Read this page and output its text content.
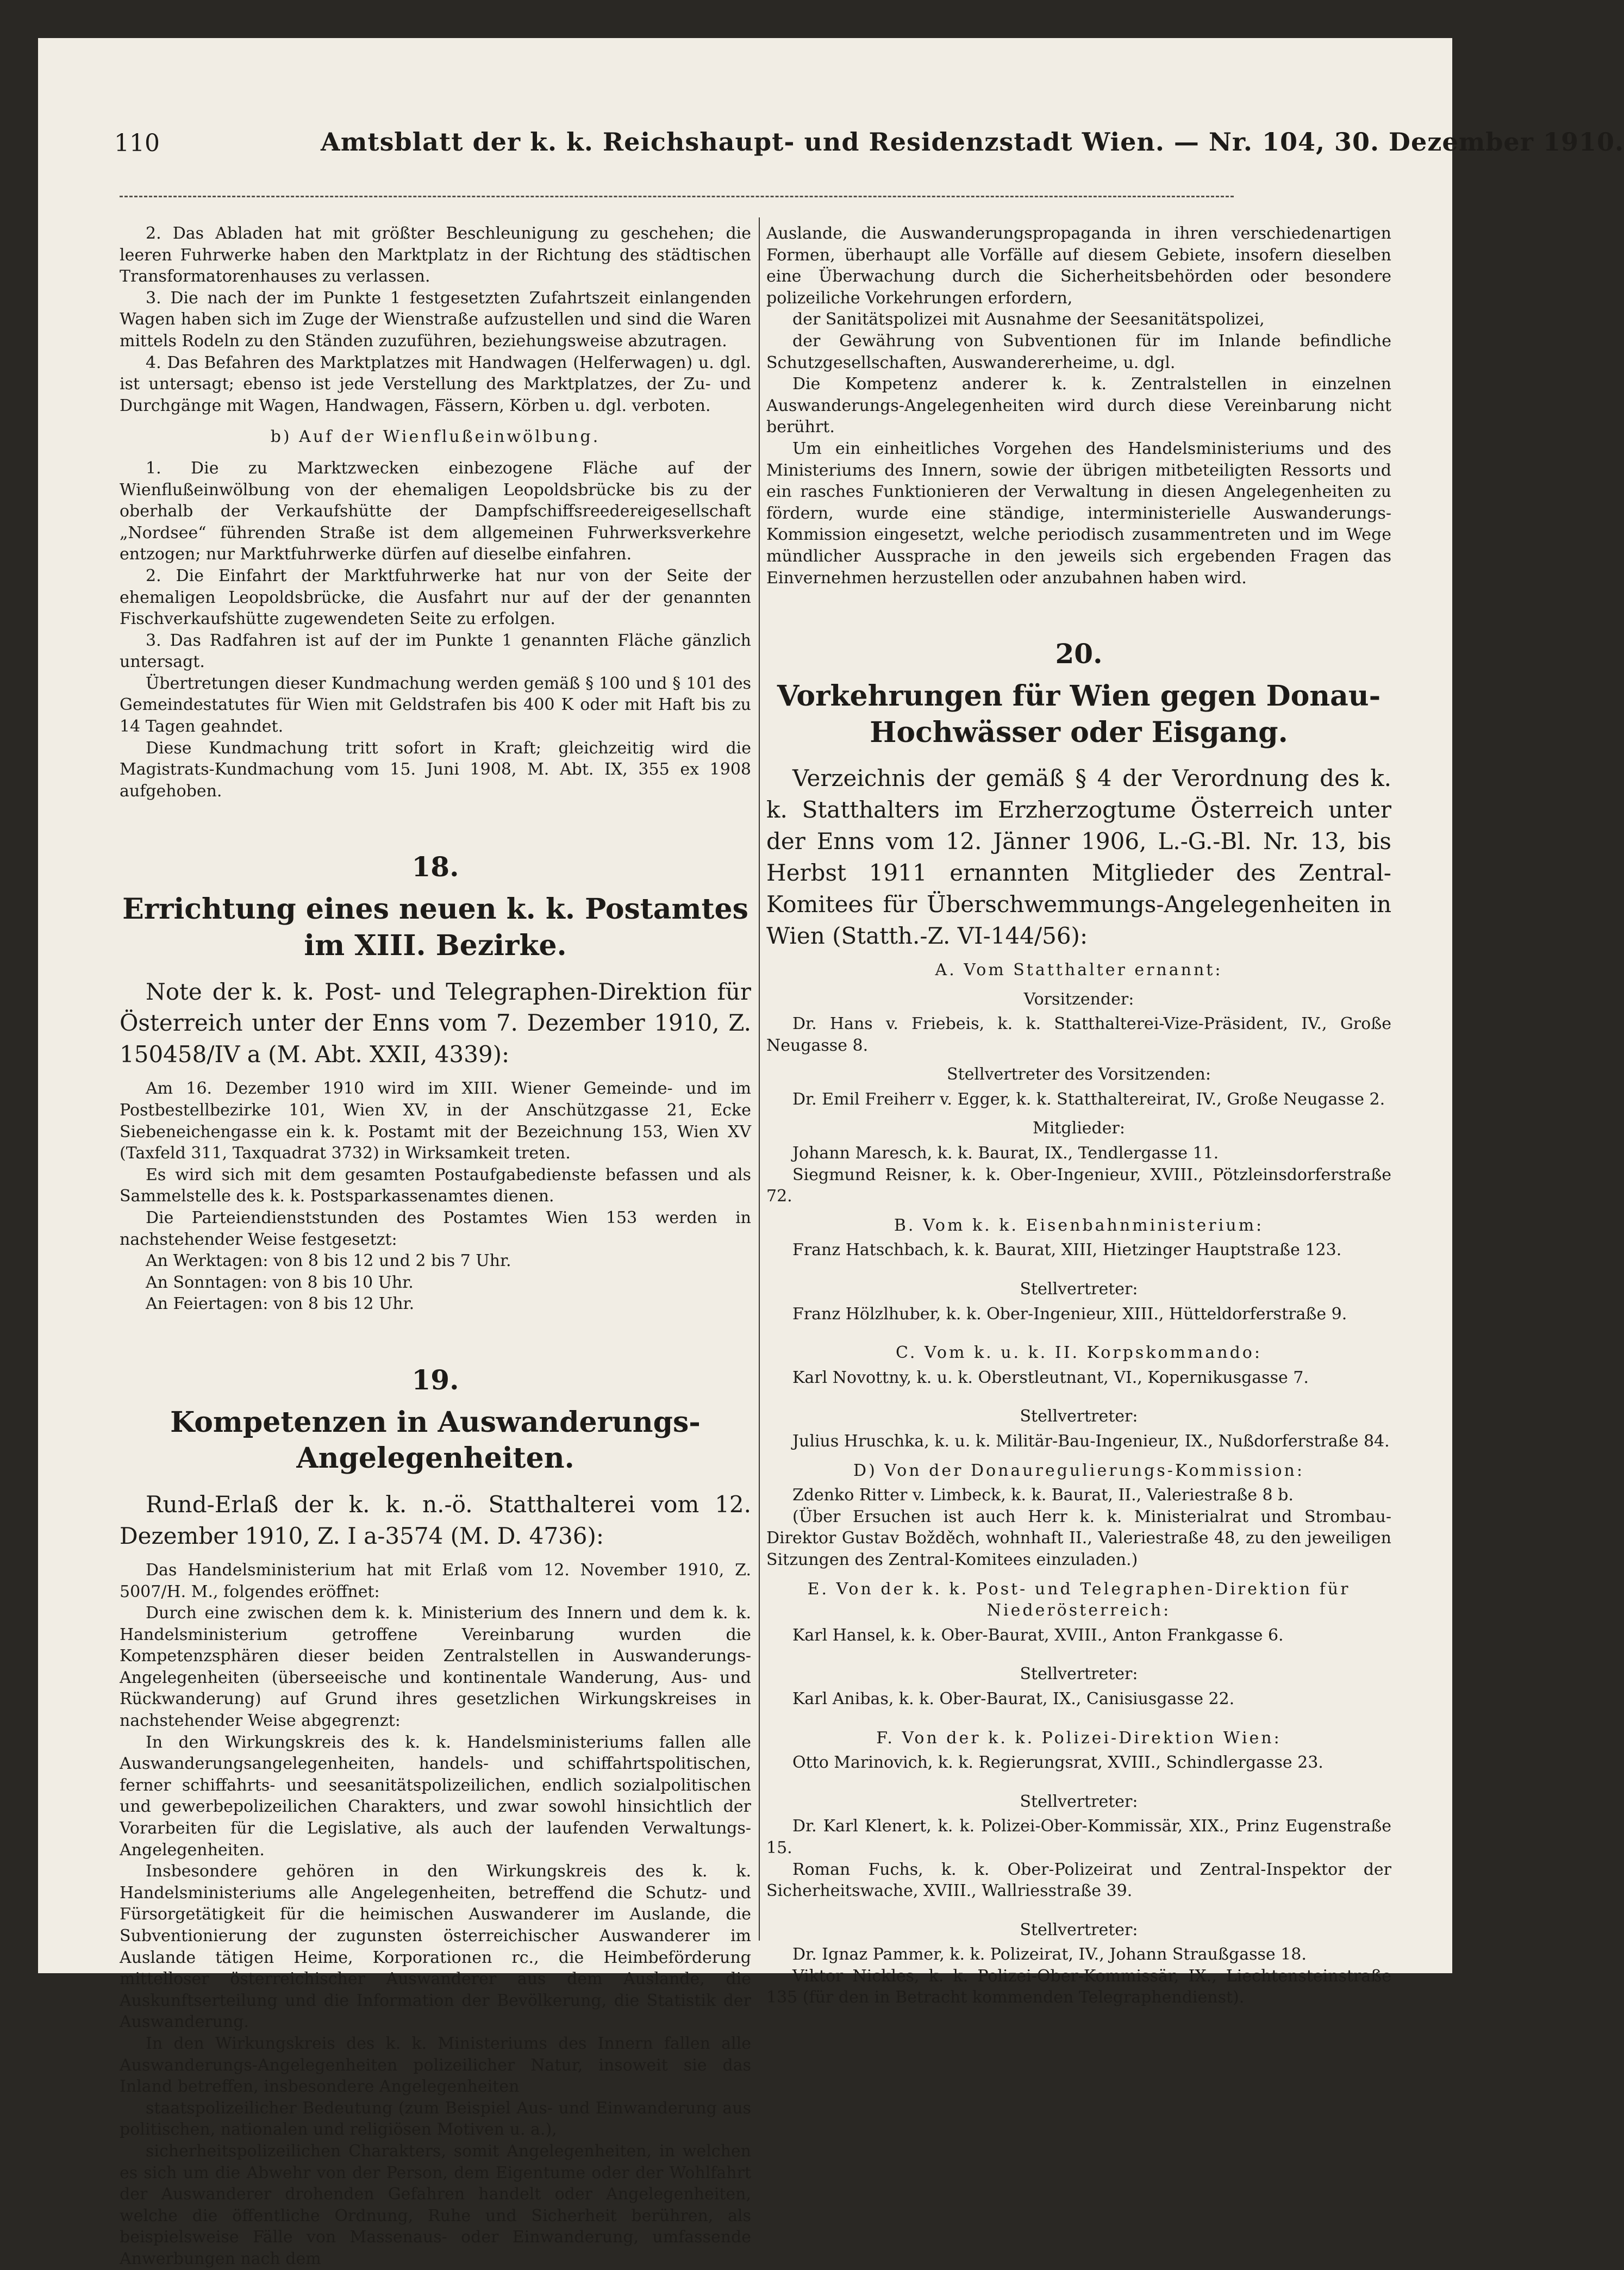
110	Amtsblatt der k. k. Reichshaupt- und Residenzstadt Wien. — Nr. 104, 30. Dezember 1910.

2. Das Abladen hat mit größter Beschleunigung zu geschehen; die leeren Fuhrwerke haben den Marktplatz in der Richtung des städtischen Transformatorenhauses zu verlassen.

3. Die nach der im Punkte 1 festgesetzten Zufahrtszeit einlangenden Wagen haben sich im Zuge der Wienstraße aufzustellen und sind die Waren mittels Rodeln zu den Ständen zuzuführen, beziehungsweise abzutragen.

4. Das Befahren des Marktplatzes mit Handwagen (Helferwagen) u. dgl. ist untersagt; ebenso ist jede Verstellung des Marktplatzes, der Zu- und Durchgänge mit Wagen, Handwagen, Fässern, Körben u. dgl. verboten.

b) Auf der Wienflußeinwölbung.

1. Die zu Marktzwecken einbezogene Fläche auf der Wienflußeinwölbung von der ehemaligen Leopoldsbrücke bis zu der oberhalb der Verkaufshütte der Dampfschiffsreedereigesellschaft „Nordsee“ führenden Straße ist dem allgemeinen Fuhrwerksverkehre entzogen; nur Marktfuhrwerke dürfen auf dieselbe einfahren.

2. Die Einfahrt der Marktfuhrwerke hat nur von der Seite der ehemaligen Leopoldsbrücke, die Ausfahrt nur auf der der genannten Fischverkaufshütte zugewendeten Seite zu erfolgen.

3. Das Radfahren ist auf der im Punkte 1 genannten Fläche gänzlich untersagt.

Übertretungen dieser Kundmachung werden gemäß § 100 und § 101 des Gemeindestatutes für Wien mit Geldstrafen bis 400 K oder mit Haft bis zu 14 Tagen geahndet.

Diese Kundmachung tritt sofort in Kraft; gleichzeitig wird die Magistrats-Kundmachung vom 15. Juni 1908, M. Abt. IX, 355 ex 1908 aufgehoben.

18.
Errichtung eines neuen k. k. Postamtes im XIII. Bezirke.

Note der k. k. Post- und Telegraphen-Direktion für Österreich unter der Enns vom 7. Dezember 1910, Z. 150458/IV a (M. Abt. XXII, 4339):

Am 16. Dezember 1910 wird im XIII. Wiener Gemeinde- und im Postbestellbezirke 101, Wien XV, in der Anschützgasse 21, Ecke Siebeneichengasse ein k. k. Postamt mit der Bezeichnung 153, Wien XV (Taxfeld 311, Taxquadrat 3732) in Wirksamkeit treten.

Es wird sich mit dem gesamten Postaufgabedienste befassen und als Sammelstelle des k. k. Postsparkassenamtes dienen.

Die Parteiendienststunden des Postamtes Wien 153 werden in nachstehender Weise festgesetzt:

An Werktagen: von 8 bis 12 und 2 bis 7 Uhr.

An Sonntagen: von 8 bis 10 Uhr.

An Feiertagen: von 8 bis 12 Uhr.

19.
Kompetenzen in Auswanderungs-Angelegenheiten.

Rund-Erlaß der k. k. n.-ö. Statthalterei vom 12. Dezember 1910, Z. I a-3574 (M. D. 4736):

Das Handelsministerium hat mit Erlaß vom 12. November 1910, Z. 5007/H. M., folgendes eröffnet:

Durch eine zwischen dem k. k. Ministerium des Innern und dem k. k. Handelsministerium getroffene Vereinbarung wurden die Kompetenzsphären dieser beiden Zentralstellen in Auswanderungs-Angelegenheiten (überseeische und kontinentale Wanderung, Aus- und Rückwanderung) auf Grund ihres gesetzlichen Wirkungskreises in nachstehender Weise abgegrenzt:

In den Wirkungskreis des k. k. Handelsministeriums fallen alle Auswanderungsangelegenheiten, handels- und schiffahrtspolitischen, ferner schiffahrts- und seesanitätspolizeilichen, endlich sozialpolitischen und gewerbepolizeilichen Charakters, und zwar sowohl hinsichtlich der Vorarbeiten für die Legislative, als auch der laufenden Verwaltungs-Angelegenheiten.

Insbesondere gehören in den Wirkungskreis des k. k. Handelsministeriums alle Angelegenheiten, betreffend die Schutz- und Fürsorgetätigkeit für die heimischen Auswanderer im Auslande, die Subventionierung der zugunsten österreichischer Auswanderer im Auslande tätigen Heime, Korporationen rc., die Heimbeförderung mittelloser österreichischer Auswanderer aus dem Auslande, die Auskunftserteilung und die Information der Bevölkerung, die Statistik der Auswanderung.

In den Wirkungskreis des k. k. Ministeriums des Innern fallen alle Auswanderungs-Angelegenheiten polizeilicher Natur, insoweit sie das Inland betreffen, insbesondere Angelegenheiten

staatspolizeilicher Bedeutung (zum Beispiel Aus- und Einwanderung aus politischen, nationalen und religiösen Motiven u. a.),

sicherheitspolizeilichen Charakters, somit Angelegenheiten, in welchen es sich um die Abwehr von der Person, dem Eigentume oder der Wohlfahrt der Auswanderer drohenden Gefahren handelt oder Angelegenheiten, welche die öffentliche Ordnung, Ruhe und Sicherheit berühren, als beispielsweise Fälle von Massenaus- oder Einwanderung, umfassende Anwerbungen nach dem

Auslande, die Auswanderungspropaganda in ihren verschiedenartigen Formen, überhaupt alle Vorfälle auf diesem Gebiete, insofern dieselben eine Überwachung durch die Sicherheitsbehörden oder besondere polizeiliche Vorkehrungen erfordern,

der Sanitätspolizei mit Ausnahme der Seesanitätspolizei,

der Gewährung von Subventionen für im Inlande befindliche Schutzgesellschaften, Auswandererheime, u. dgl.

Die Kompetenz anderer k. k. Zentralstellen in einzelnen Auswanderungs-Angelegenheiten wird durch diese Vereinbarung nicht berührt.

Um ein einheitliches Vorgehen des Handelsministeriums und des Ministeriums des Innern, sowie der übrigen mitbeteiligten Ressorts und ein rasches Funktionieren der Verwaltung in diesen Angelegenheiten zu fördern, wurde eine ständige, interministerielle Auswanderungs-Kommission eingesetzt, welche periodisch zusammentreten und im Wege mündlicher Aussprache in den jeweils sich ergebenden Fragen das Einvernehmen herzustellen oder anzubahnen haben wird.

20.
Vorkehrungen für Wien gegen Donau-Hochwässer oder Eisgang.

Verzeichnis der gemäß § 4 der Verordnung des k. k. Statthalters im Erzherzogtume Österreich unter der Enns vom 12. Jänner 1906, L.-G.-Bl. Nr. 13, bis Herbst 1911 ernannten Mitglieder des Zentral-Komitees für Überschwemmungs-Angelegenheiten in Wien (Statth.-Z. VI-144/56):

A. Vom Statthalter ernannt:

Vorsitzender:

Dr. Hans v. Friebeis, k. k. Statthalterei-Vize-Präsident, IV., Große Neugasse 8.

Stellvertreter des Vorsitzenden:

Dr. Emil Freiherr v. Egger, k. k. Statthaltereirat, IV., Große Neugasse 2.

Mitglieder:

Johann Maresch, k. k. Baurat, IX., Tendlergasse 11.

Siegmund Reisner, k. k. Ober-Ingenieur, XVIII., Pötzleinsdorferstraße 72.

B. Vom k. k. Eisenbahnministerium:

Franz Hatschbach, k. k. Baurat, XIII, Hietzinger Hauptstraße 123.

Stellvertreter:

Franz Hölzlhuber, k. k. Ober-Ingenieur, XIII., Hütteldorferstraße 9.

C. Vom k. u. k. II. Korpskommando:

Karl Novottny, k. u. k. Oberstleutnant, VI., Kopernikusgasse 7.

Stellvertreter:

Julius Hruschka, k. u. k. Militär-Bau-Ingenieur, IX., Nußdorferstraße 84.

D) Von der Donauregulierungs-Kommission:

Zdenko Ritter v. Limbeck, k. k. Baurat, II., Valeriestraße 8 b.

(Über Ersuchen ist auch Herr k. k. Ministerialrat und Strombau-Direktor Gustav Božděch, wohnhaft II., Valeriestraße 48, zu den jeweiligen Sitzungen des Zentral-Komitees einzuladen.)

E. Von der k. k. Post- und Telegraphen-Direktion für Niederösterreich:

Karl Hansel, k. k. Ober-Baurat, XVIII., Anton Frankgasse 6.

Stellvertreter:

Karl Anibas, k. k. Ober-Baurat, IX., Canisiusgasse 22.

F. Von der k. k. Polizei-Direktion Wien:

Otto Marinovich, k. k. Regierungsrat, XVIII., Schindlergasse 23.

Stellvertreter:

Dr. Karl Klenert, k. k. Polizei-Ober-Kommissär, XIX., Prinz Eugenstraße 15.

Roman Fuchs, k. k. Ober-Polizeirat und Zentral-Inspektor der Sicherheitswache, XVIII., Wallriesstraße 39.

Stellvertreter:

Dr. Ignaz Pammer, k. k. Polizeirat, IV., Johann Straußgasse 18.

Viktor Nickles, k. k. Polizei-Ober-Kommissär, IX., Liechtensteinstraße 135 (für den in Betracht kommenden Telegraphendienst).
